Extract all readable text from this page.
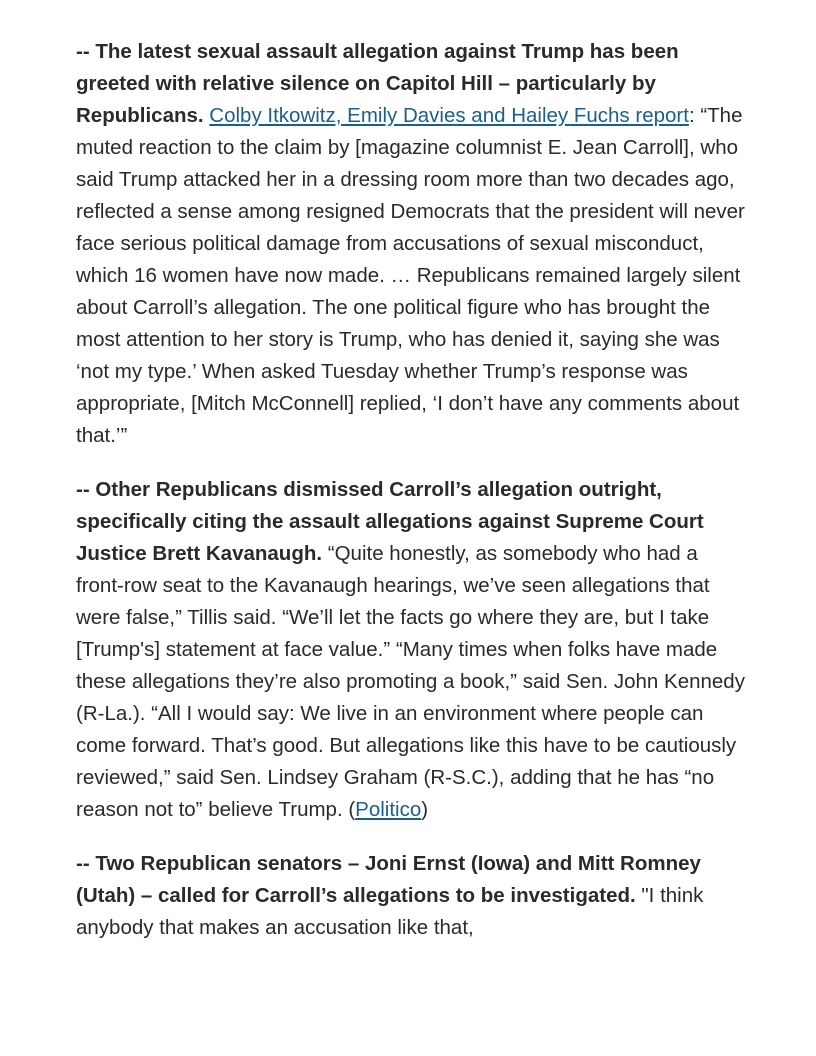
-- The latest sexual assault allegation against Trump has been greeted with relative silence on Capitol Hill – particularly by Republicans. Colby Itkowitz, Emily Davies and Hailey Fuchs report: “The muted reaction to the claim by [magazine columnist E. Jean Carroll], who said Trump attacked her in a dressing room more than two decades ago, reflected a sense among resigned Democrats that the president will never face serious political damage from accusations of sexual misconduct, which 16 women have now made. … Republicans remained largely silent about Carroll’s allegation. The one political figure who has brought the most attention to her story is Trump, who has denied it, saying she was ‘not my type.’ When asked Tuesday whether Trump’s response was appropriate, [Mitch McConnell] replied, ‘I don’t have any comments about that.’”

-- Other Republicans dismissed Carroll’s allegation outright, specifically citing the assault allegations against Supreme Court Justice Brett Kavanaugh. “Quite honestly, as somebody who had a front-row seat to the Kavanaugh hearings, we’ve seen allegations that were false,” Tillis said. “We’ll let the facts go where they are, but I take [Trump's] statement at face value.” “Many times when folks have made these allegations they’re also promoting a book,” said Sen. John Kennedy (R-La.). “All I would say: We live in an environment where people can come forward. That’s good. But allegations like this have to be cautiously reviewed,” said Sen. Lindsey Graham (R-S.C.), adding that he has “no reason not to” believe Trump. (Politico)

-- Two Republican senators – Joni Ernst (Iowa) and Mitt Romney (Utah) – called for Carroll’s allegations to be investigated. "I think anybody that makes an accusation like that,
